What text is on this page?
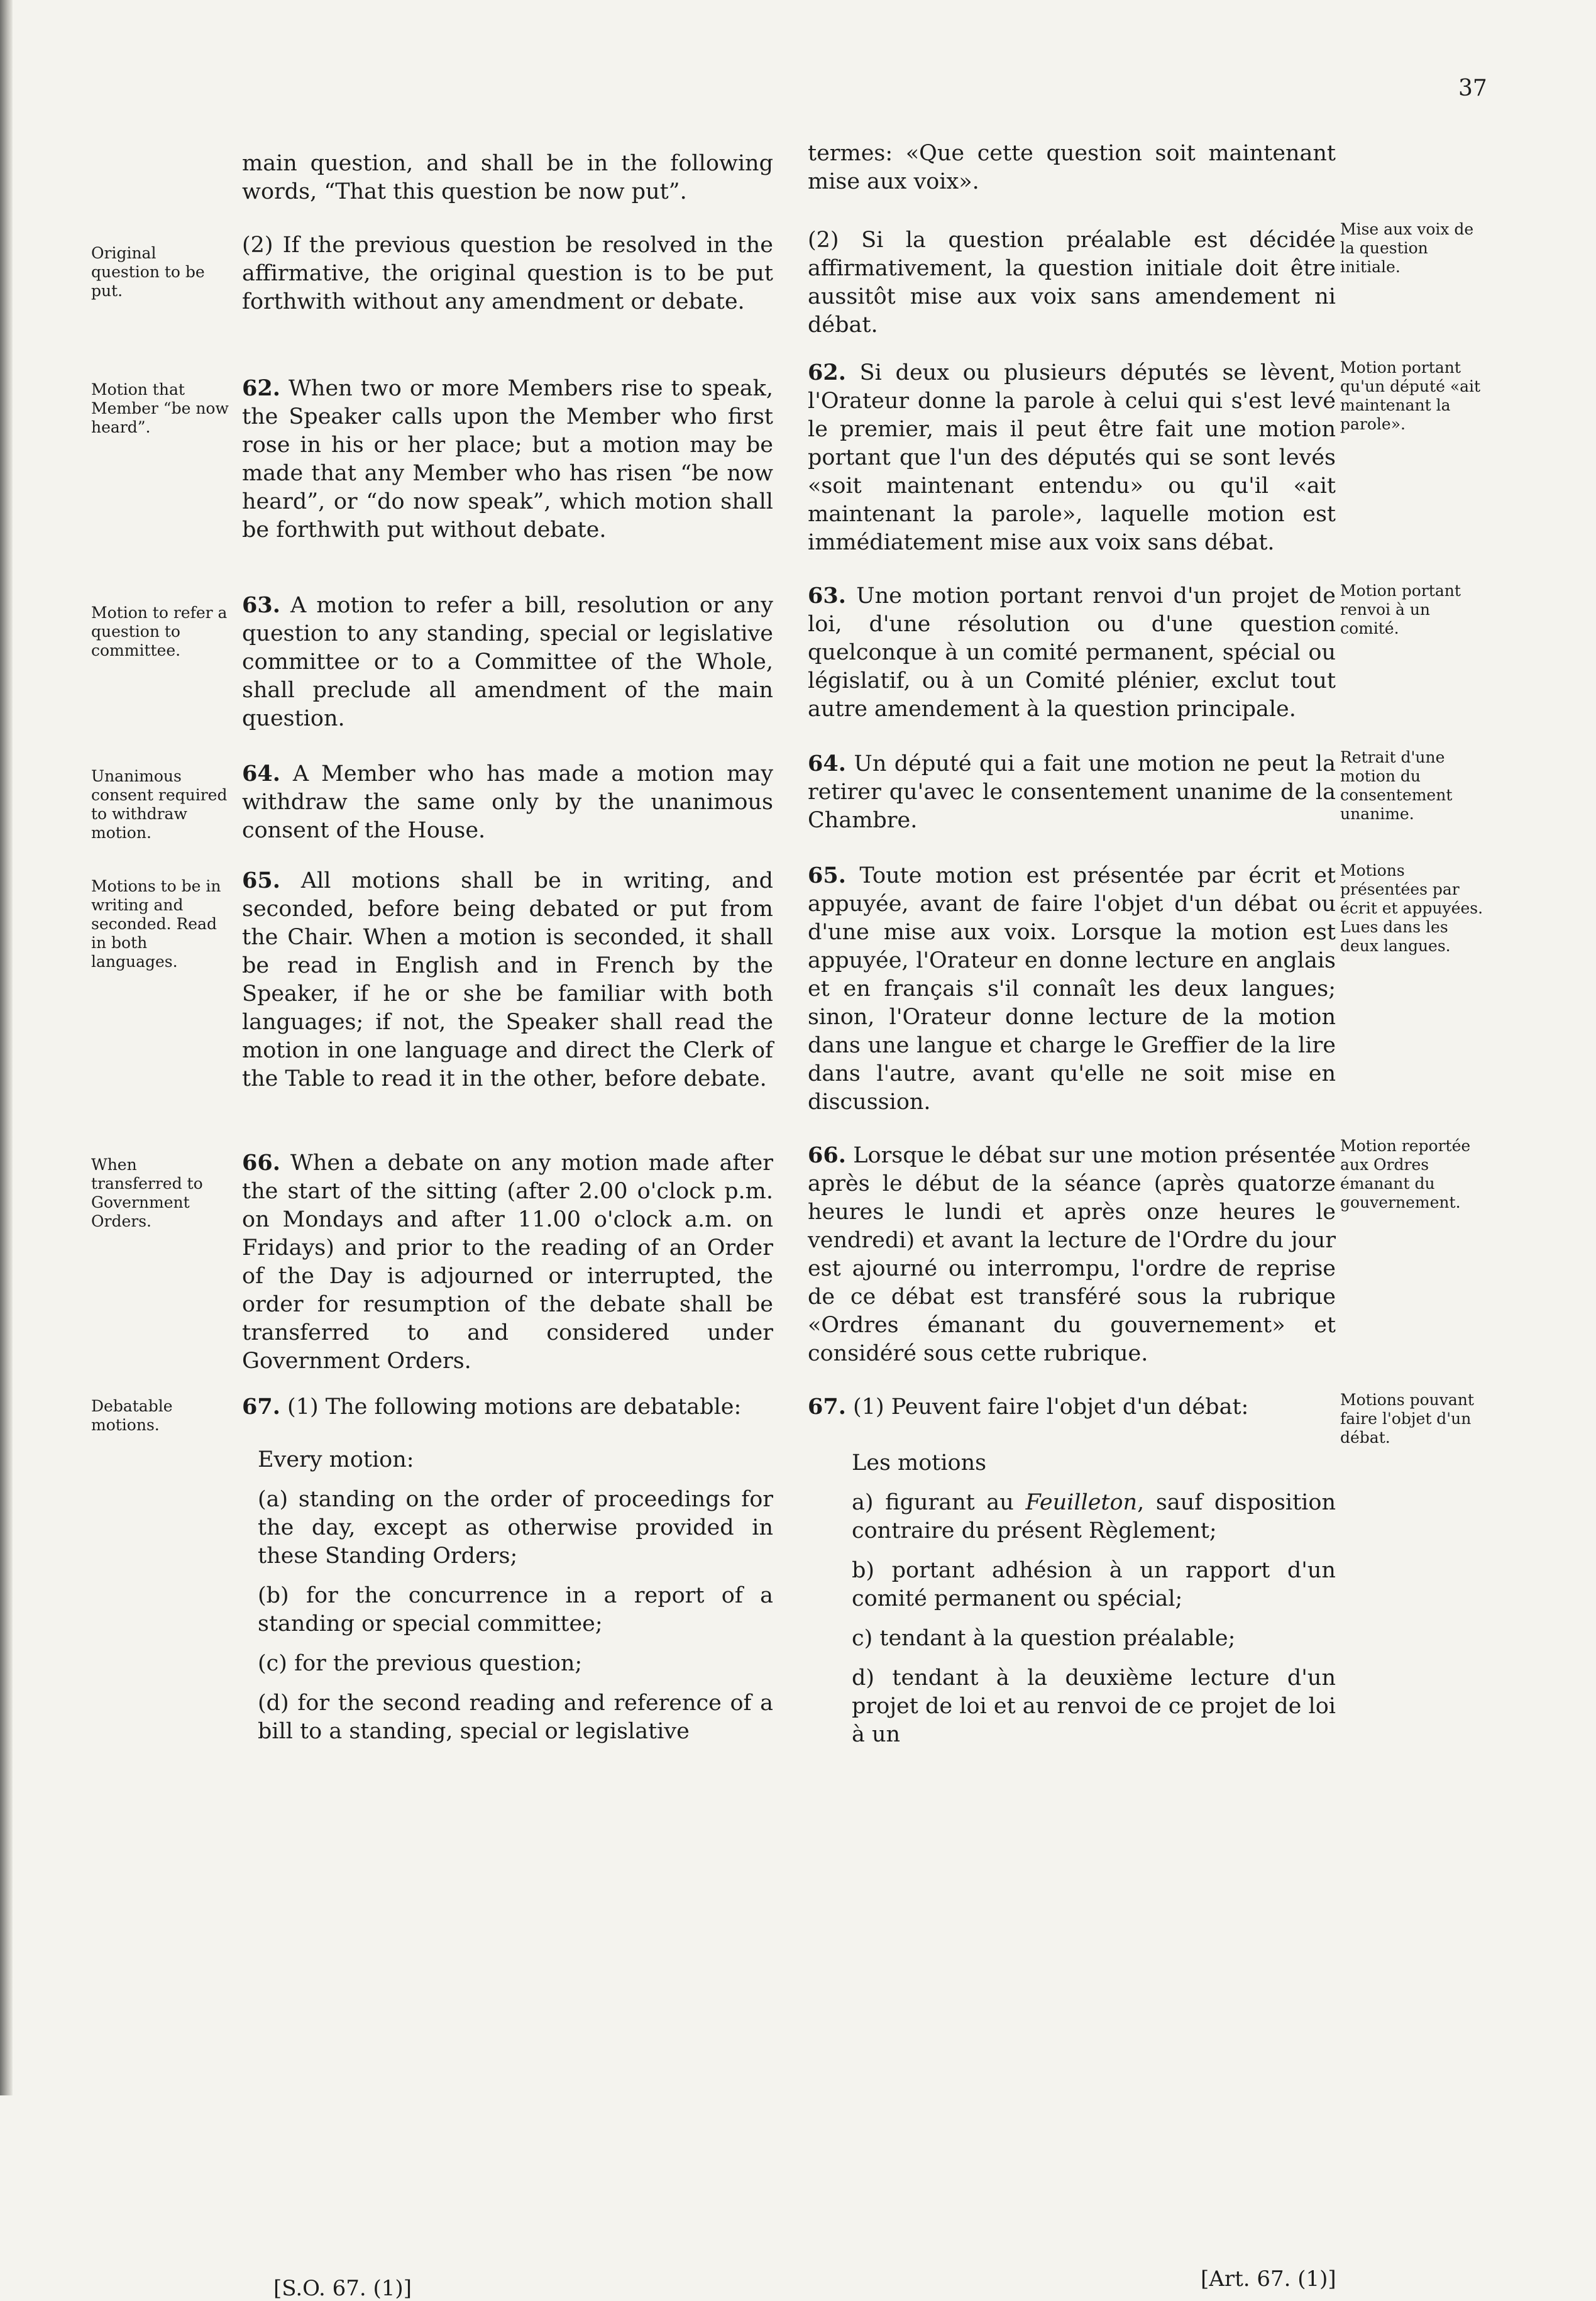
37
main question, and shall be in the following words, “That this question be now put”.
(2) If the previous question be resolved in the affirmative, the original question is to be put forthwith without any amendment or debate.
62. When two or more Members rise to speak, the Speaker calls upon the Member who first rose in his or her place; but a motion may be made that any Member who has risen “be now heard”, or “do now speak”, which motion shall be forthwith put without debate.
63. A motion to refer a bill, resolution or any question to any standing, special or legislative committee or to a Committee of the Whole, shall preclude all amendment of the main question.
64. A Member who has made a motion may withdraw the same only by the unanimous consent of the House.
65. All motions shall be in writing, and seconded, before being debated or put from the Chair. When a motion is seconded, it shall be read in English and in French by the Speaker, if he or she be familiar with both languages; if not, the Speaker shall read the motion in one language and direct the Clerk of the Table to read it in the other, before debate.
66. When a debate on any motion made after the start of the sitting (after 2.00 o'clock p.m. on Mondays and after 11.00 o'clock a.m. on Fridays) and prior to the reading of an Order of the Day is adjourned or interrupted, the order for resumption of the debate shall be transferred to and considered under Government Orders.
67. (1) The following motions are debatable:
Every motion:
(a) standing on the order of proceedings for the day, except as otherwise provided in these Standing Orders;
(b) for the concurrence in a report of a standing or special committee;
(c) for the previous question;
(d) for the second reading and reference of a bill to a standing, special or legislative
[S.O. 67. (1)]
termes: «Que cette question soit maintenant mise aux voix».
(2) Si la question préalable est décidée affirmativement, la question initiale doit être aussitôt mise aux voix sans amendement ni débat.
62. Si deux ou plusieurs députés se lèvent, l'Orateur donne la parole à celui qui s'est levé le premier, mais il peut être fait une motion portant que l'un des députés qui se sont levés «soit maintenant entendu» ou qu'il «ait maintenant la parole», laquelle motion est immédiatement mise aux voix sans débat.
63. Une motion portant renvoi d'un projet de loi, d'une résolution ou d'une question quelconque à un comité permanent, spécial ou législatif, ou à un Comité plénier, exclut tout autre amendement à la question principale.
64. Un député qui a fait une motion ne peut la retirer qu'avec le consentement unanime de la Chambre.
65. Toute motion est présentée par écrit et appuyée, avant de faire l'objet d'un débat ou d'une mise aux voix. Lorsque la motion est appuyée, l'Orateur en donne lecture en anglais et en français s'il connaît les deux langues; sinon, l'Orateur donne lecture de la motion dans une langue et charge le Greffier de la lire dans l'autre, avant qu'elle ne soit mise en discussion.
66. Lorsque le débat sur une motion présentée après le début de la séance (après quatorze heures le lundi et après onze heures le vendredi) et avant la lecture de l'Ordre du jour est ajourné ou interrompu, l'ordre de reprise de ce débat est transféré sous la rubrique «Ordres émanant du gouvernement» et considéré sous cette rubrique.
67. (1) Peuvent faire l'objet d'un débat:
Les motions
a) figurant au Feuilleton, sauf disposition contraire du présent Règlement;
b) portant adhésion à un rapport d'un comité permanent ou spécial;
c) tendant à la question préalable;
d) tendant à la deuxième lecture d'un projet de loi et au renvoi de ce projet de loi à un
[Art. 67. (1)]
Original question to be put.
Motion that Member “be now heard”.
Motion to refer a question to committee.
Unanimous consent required to withdraw motion.
Motions to be in writing and seconded. Read in both languages.
When transferred to Government Orders.
Debatable motions.
Mise aux voix de la question initiale.
Motion portant qu'un député «ait maintenant la parole».
Motion portant renvoi à un comité.
Retrait d'une motion du consentement unanime.
Motions présentées par écrit et appuyées. Lues dans les deux langues.
Motion reportée aux Ordres émanant du gouvernement.
Motions pouvant faire l'objet d'un débat.
